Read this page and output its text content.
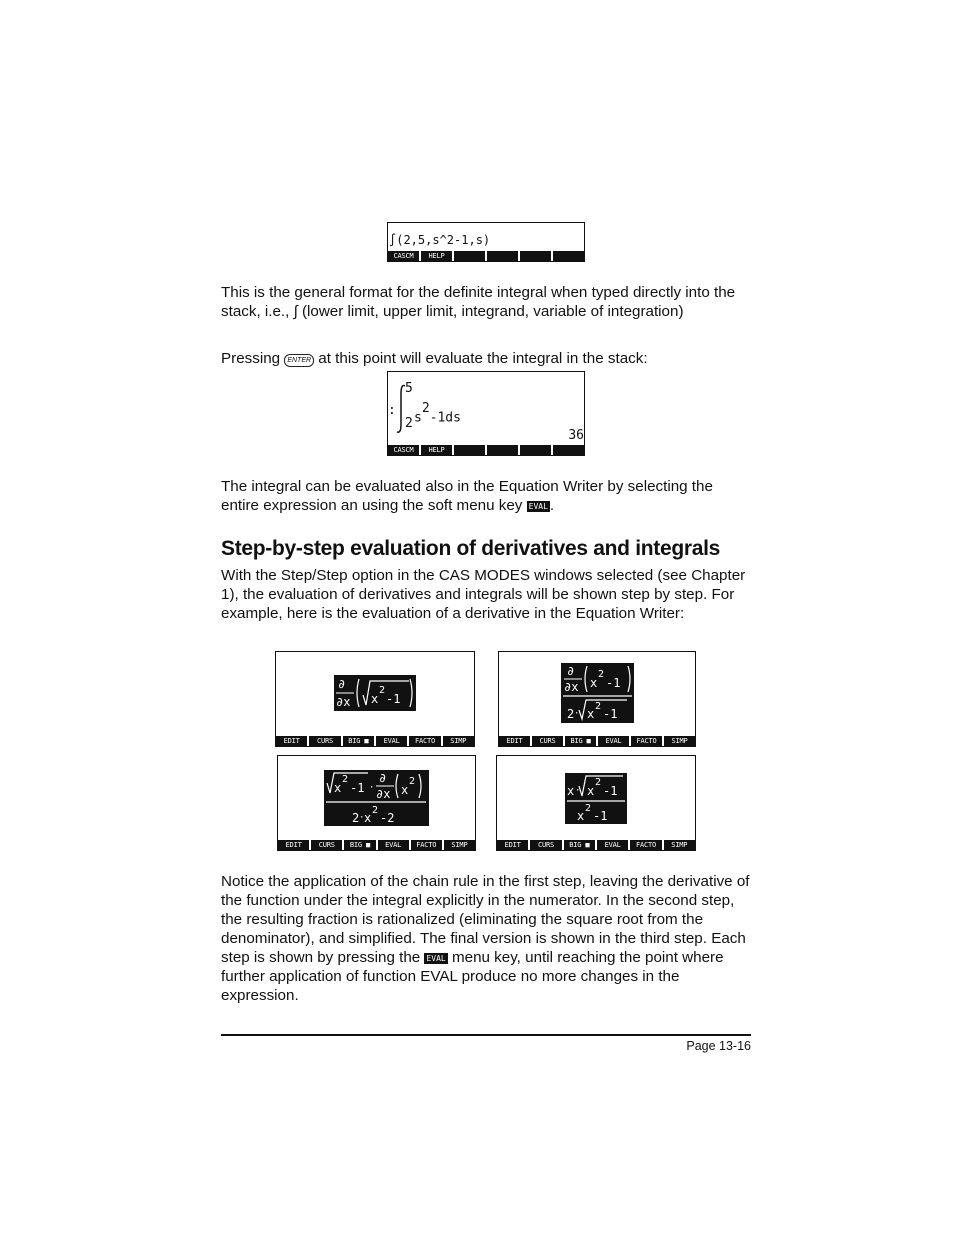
∫(2,5,s^2-1,s)
CASCM	HELP

This is the general format for the definite integral when typed directly into the stack, i.e., ∫ (lower limit, upper limit, integrand, variable of integration)

Pressing ENTER at this point will evaluate the integral in the stack:

:
5
2 $s^2-1ds$
36
CASCM	HELP

The integral can be evaluated also in the Equation Writer by selecting the entire expression an using the soft menu key EVAL .

Step-by-step evaluation of derivatives and integrals

With the Step/Step option in the CAS MODES windows selected (see Chapter 1), the evaluation of derivatives and integrals will be shown step by step. For example, here is the evaluation of a derivative in the Equation Writer:

∂
∂x x
2
-1
EDIT	CURS	BIG ■	EVAL	FACTO	SIMP
∂
∂x x
2
-1
2 · x
2
-1
EDIT	CURS	BIG ■	EVAL	FACTO	SIMP
x
2
-1 ·
∂
∂x x
2
2 · x
2
-2
EDIT	CURS	BIG ■	EVAL	FACTO	SIMP
x · x
2
-1
x
2
-1
EDIT	CURS	BIG ■	EVAL	FACTO	SIMP

Notice the application of the chain rule in the first step, leaving the derivative of the function under the integral explicitly in the numerator. In the second step, the resulting fraction is rationalized (eliminating the square root from the denominator), and simplified. The final version is shown in the third step. Each step is shown by pressing the EVAL menu key, until reaching the point where further application of function EVAL produce no more changes in the expression.

Page 13-16
